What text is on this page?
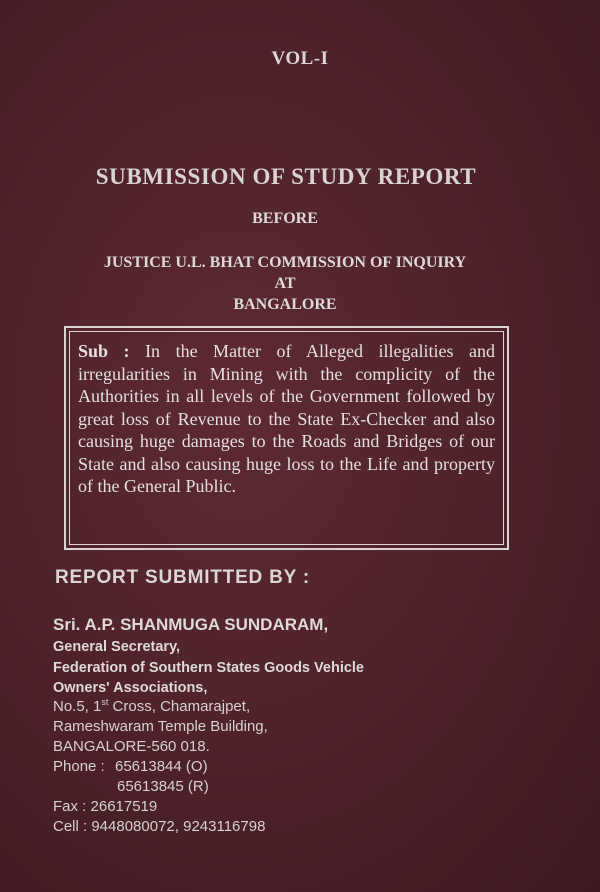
VOL-I
SUBMISSION OF STUDY REPORT
BEFORE
JUSTICE U.L. BHAT COMMISSION OF INQUIRY
AT
BANGALORE
Sub : In the Matter of Alleged illegalities and irregularities in Mining with the complicity of the Authorities in all levels of the Government followed by great loss of Revenue to the State Ex-Checker and also causing huge damages to the Roads and Bridges of our State and also causing huge loss to the Life and property of the General Public.
REPORT SUBMITTED BY :
Sri. A.P. SHANMUGA SUNDARAM,
General Secretary,
Federation of Southern States Goods Vehicle
Owners' Associations,
No.5, 1st Cross, Chamarajpet,
Rameshwaram Temple Building,
BANGALORE-560 018.
Phone : 65613844 (O)
65613845 (R)
Fax : 26617519
Cell : 9448080072, 9243116798
